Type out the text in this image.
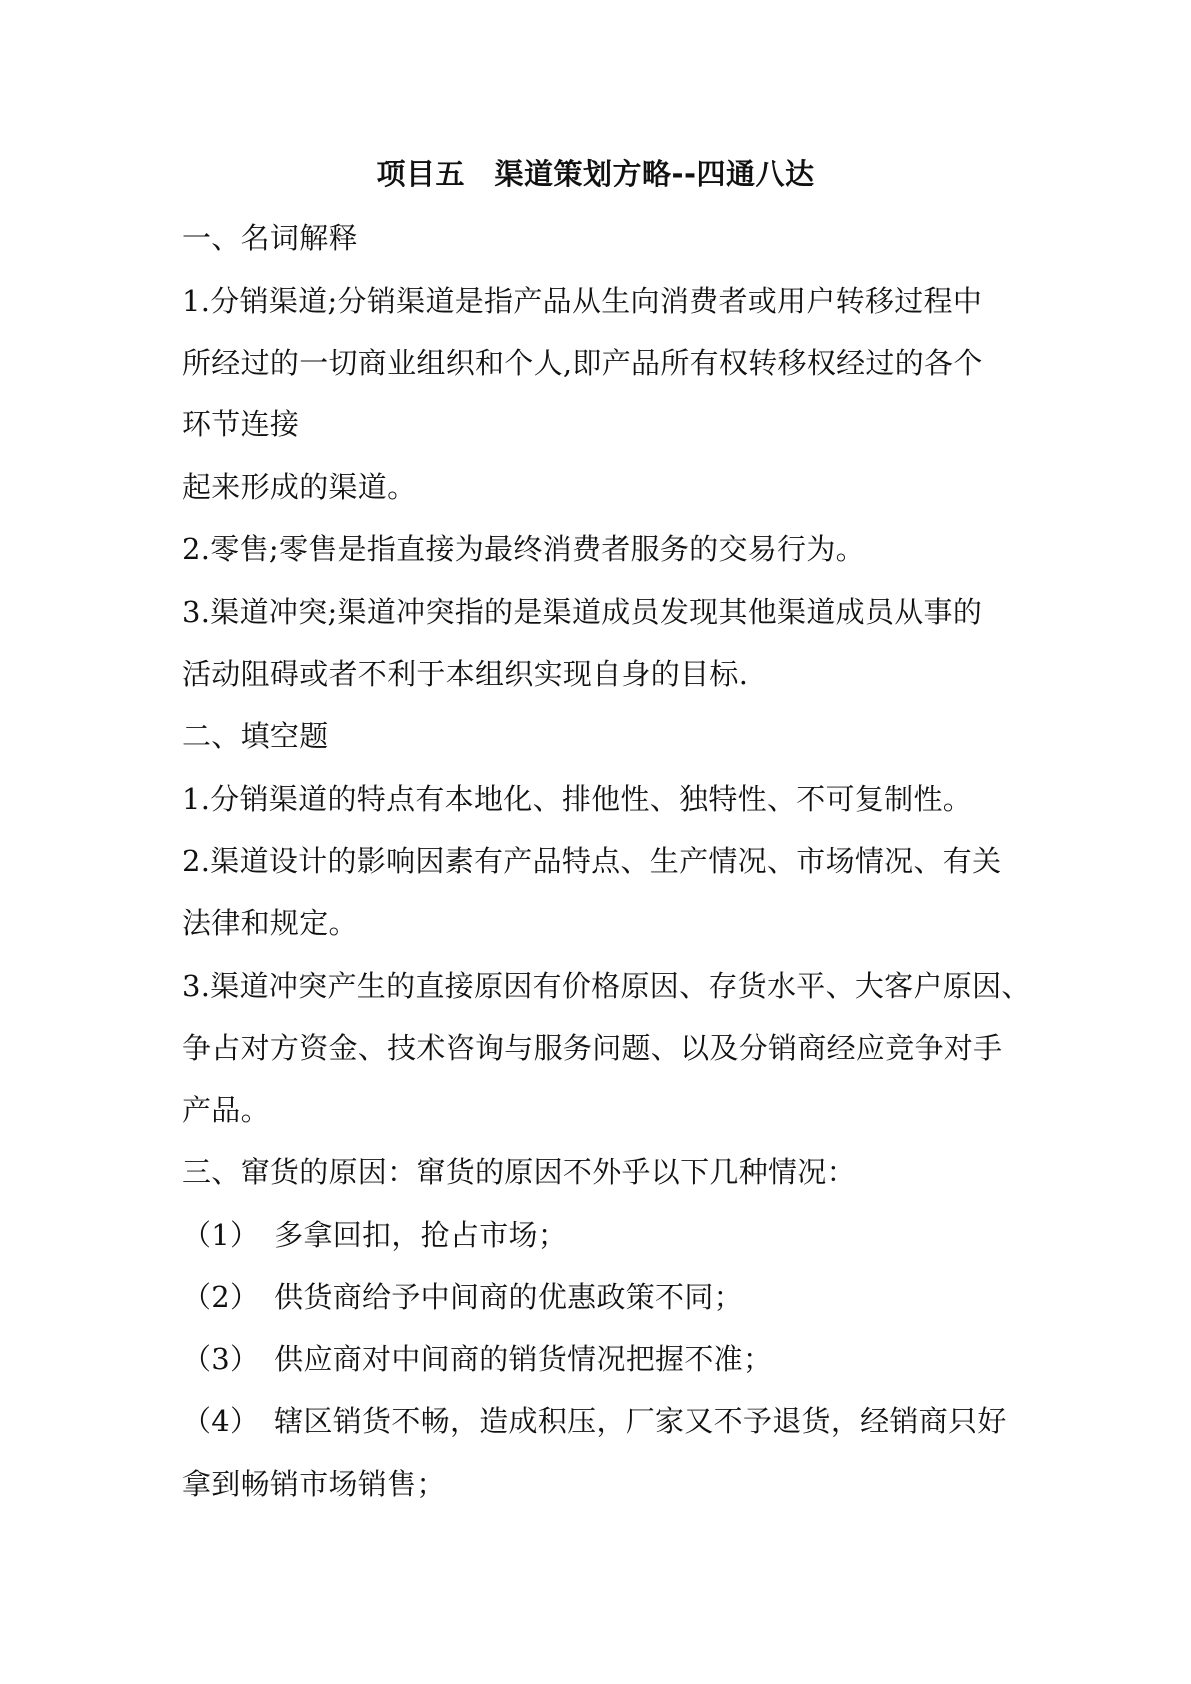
项目五　渠道策划方略--四通八达
一、名词解释
1.分销渠道;分销渠道是指产品从生向消费者或用户转移过程中
所经过的一切商业组织和个人,即产品所有权转移权经过的各个
环节连接
起来形成的渠道。
2.零售;零售是指直接为最终消费者服务的交易行为。
3.渠道冲突;渠道冲突指的是渠道成员发现其他渠道成员从事的
活动阻碍或者不利于本组织实现自身的目标.
二、填空题
1.分销渠道的特点有本地化、排他性、独特性、不可复制性。
2.渠道设计的影响因素有产品特点、生产情况、市场情况、有关
法律和规定。
3.渠道冲突产生的直接原因有价格原因、存货水平、大客户原因、
争占对方资金、技术咨询与服务问题、以及分销商经应竞争对手
产品。
三、窜货的原因：窜货的原因不外乎以下几种情况：
（1）　多拿回扣，抢占市场；
（2）　供货商给予中间商的优惠政策不同；
（3）　供应商对中间商的销货情况把握不准；
（4）　辖区销货不畅，造成积压，厂家又不予退货，经销商只好
拿到畅销市场销售；
